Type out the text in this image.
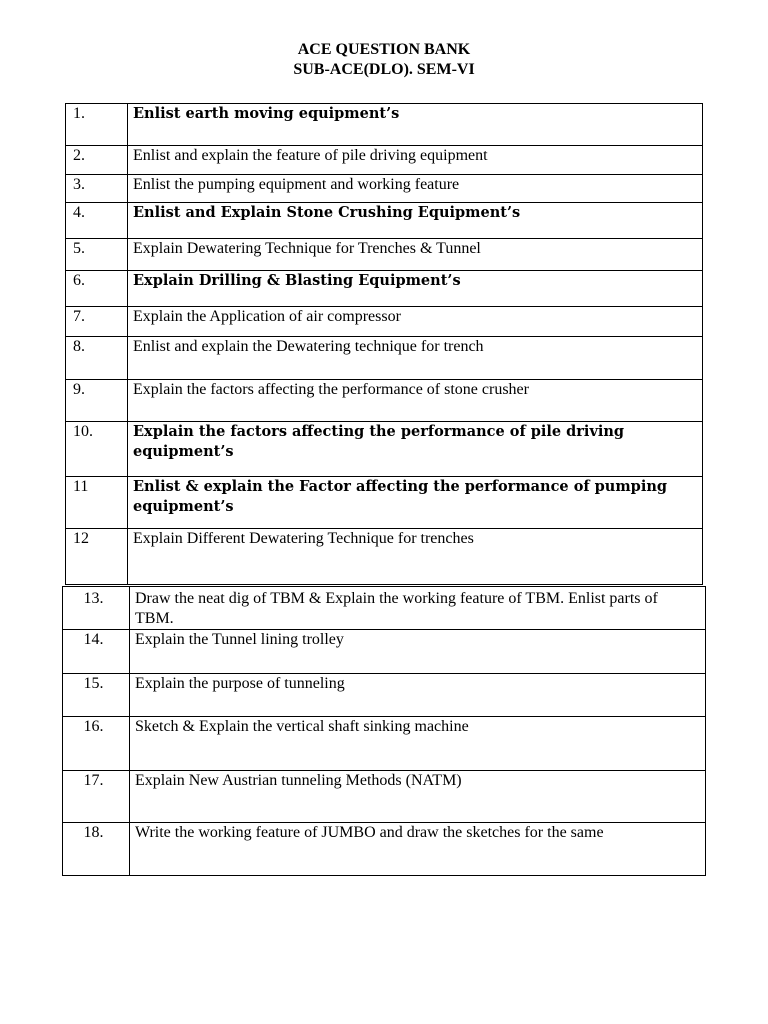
ACE QUESTION BANK
SUB-ACE(DLO). SEM-VI
1.	Enlist earth moving equipment’s
2.	Enlist and explain the feature of pile driving equipment
3.	Enlist the pumping equipment and working feature
4.	Enlist and Explain Stone Crushing Equipment’s
5.	Explain Dewatering Technique for Trenches & Tunnel
6.	Explain Drilling & Blasting Equipment’s
7.	Explain the Application of air compressor
8.	Enlist and explain the Dewatering technique for trench
9.	Explain the factors affecting the performance of stone crusher
10.	Explain the factors affecting the performance of pile driving equipment’s
11	Enlist & explain the Factor affecting the performance of pumping equipment’s
12	Explain Different Dewatering Technique for trenches
13.	Draw the neat dig of TBM & Explain the working feature of TBM. Enlist parts of TBM.
14.	Explain the Tunnel lining trolley
15.	Explain the purpose of tunneling
16.	Sketch & Explain the vertical shaft sinking machine
17.	Explain New Austrian tunneling Methods (NATM)
18.	Write the working feature of JUMBO and draw the sketches for the same
